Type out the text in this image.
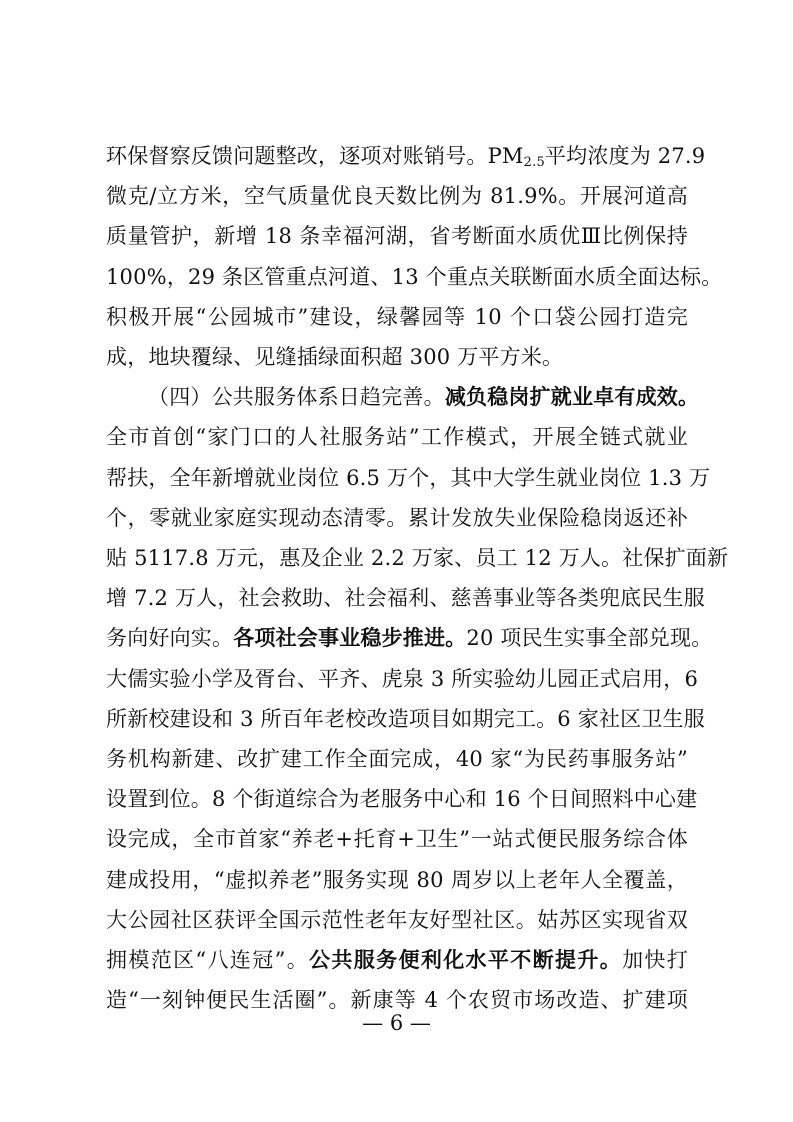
环保督察反馈问题整改，逐项对账销号。$PM_{2.5}$平均浓度为 27.9
微克/立方米，空气质量优良天数比例为 81.9%。开展河道高
质量管护，新增 18 条幸福河湖，省考断面水质优Ⅲ比例保持
100%，29 条区管重点河道、13 个重点关联断面水质全面达标。
积极开展“公园城市”建设，绿馨园等 10 个口袋公园打造完
成，地块覆绿、见缝插绿面积超 300 万平方米。
（四）公共服务体系日趋完善。减负稳岗扩就业卓有成效。
全市首创“家门口的人社服务站”工作模式，开展全链式就业
帮扶，全年新增就业岗位 6.5 万个，其中大学生就业岗位 1.3 万
个，零就业家庭实现动态清零。累计发放失业保险稳岗返还补
贴 5117.8 万元，惠及企业 2.2 万家、员工 12 万人。社保扩面新
增 7.2 万人，社会救助、社会福利、慈善事业等各类兜底民生服
务向好向实。各项社会事业稳步推进。20 项民生实事全部兑现。
大儒实验小学及胥台、平齐、虎泉 3 所实验幼儿园正式启用，6
所新校建设和 3 所百年老校改造项目如期完工。6 家社区卫生服
务机构新建、改扩建工作全面完成，40 家“为民药事服务站”
设置到位。8 个街道综合为老服务中心和 16 个日间照料中心建
设完成，全市首家“养老+托育+卫生”一站式便民服务综合体
建成投用，“虚拟养老”服务实现 80 周岁以上老年人全覆盖，
大公园社区获评全国示范性老年友好型社区。姑苏区实现省双
拥模范区“八连冠”。公共服务便利化水平不断提升。加快打
造“一刻钟便民生活圈”。新康等 4 个农贸市场改造、扩建项
— 6 —
